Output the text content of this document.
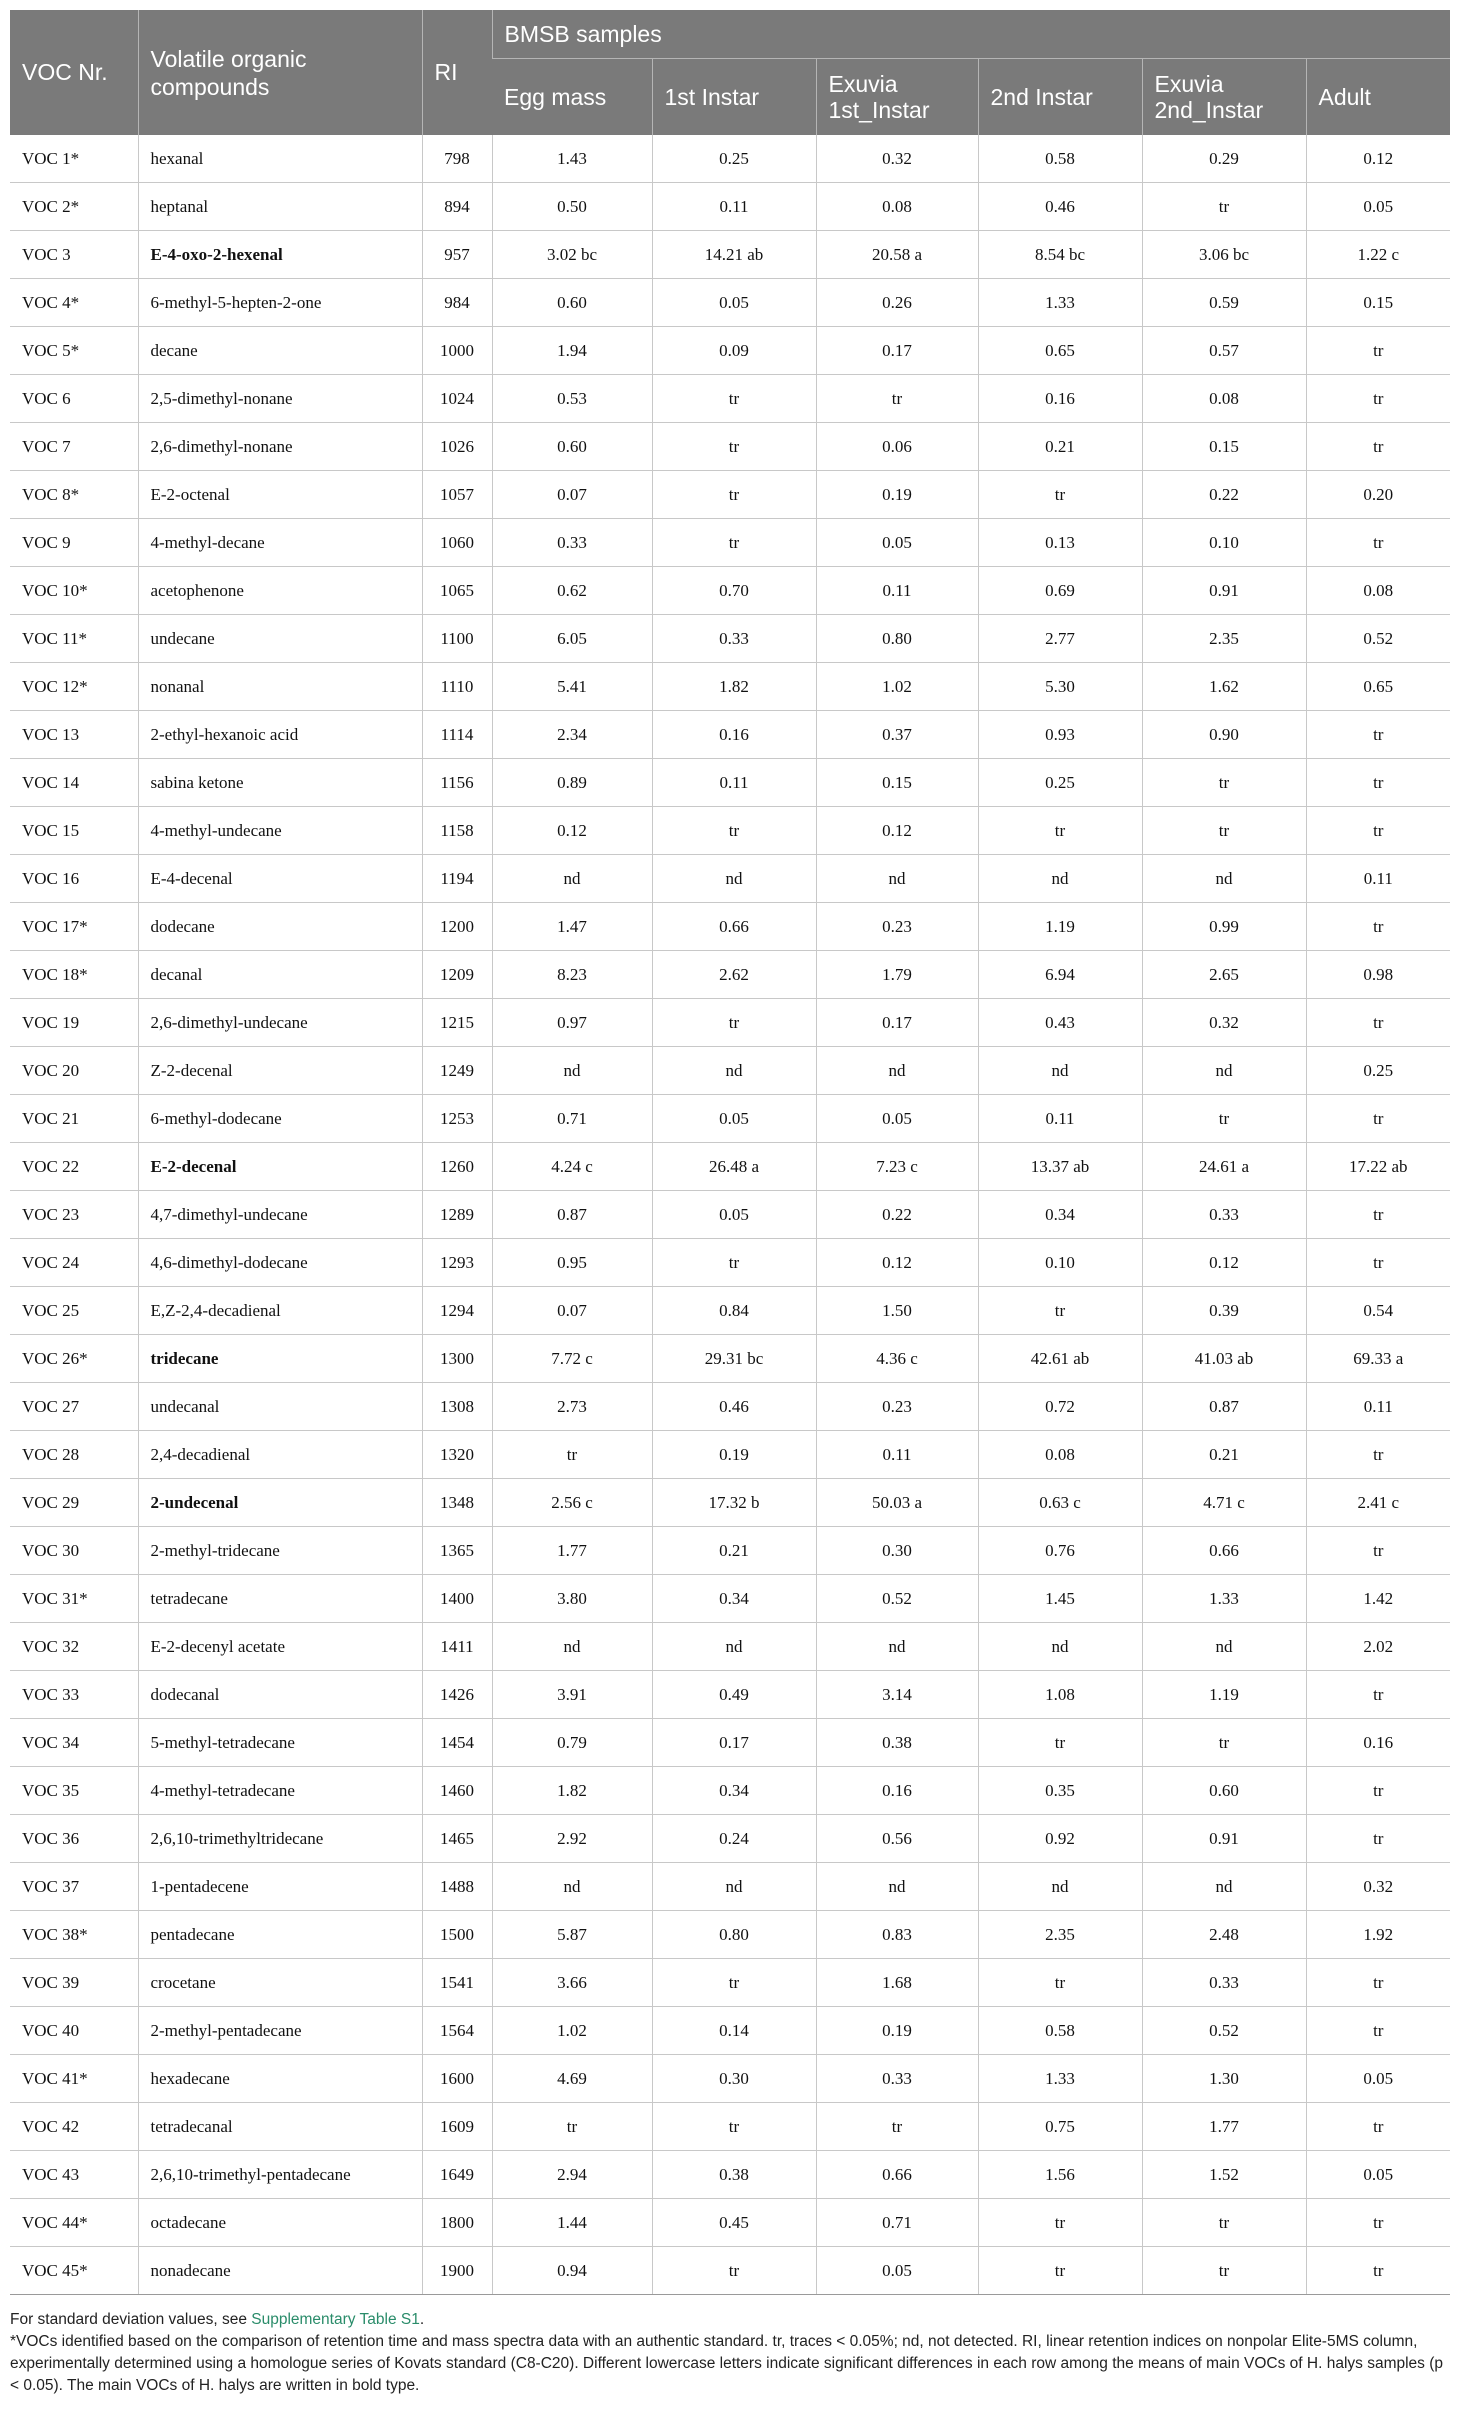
VOC Nr.	Volatile organic compounds	RI	BMSB samples					
			Egg mass	1st Instar	Exuvia 1st_Instar	2nd Instar	Exuvia 2nd_Instar	Adult
VOC 1*	hexanal	798	1.43	0.25	0.32	0.58	0.29	0.12
VOC 2*	heptanal	894	0.50	0.11	0.08	0.46	tr	0.05
VOC 3	E-4-oxo-2-hexenal	957	3.02 bc	14.21 ab	20.58 a	8.54 bc	3.06 bc	1.22 c
VOC 4*	6-methyl-5-hepten-2-one	984	0.60	0.05	0.26	1.33	0.59	0.15
VOC 5*	decane	1000	1.94	0.09	0.17	0.65	0.57	tr
VOC 6	2,5-dimethyl-nonane	1024	0.53	tr	tr	0.16	0.08	tr
VOC 7	2,6-dimethyl-nonane	1026	0.60	tr	0.06	0.21	0.15	tr
VOC 8*	E-2-octenal	1057	0.07	tr	0.19	tr	0.22	0.20
VOC 9	4-methyl-decane	1060	0.33	tr	0.05	0.13	0.10	tr
VOC 10*	acetophenone	1065	0.62	0.70	0.11	0.69	0.91	0.08
VOC 11*	undecane	1100	6.05	0.33	0.80	2.77	2.35	0.52
VOC 12*	nonanal	1110	5.41	1.82	1.02	5.30	1.62	0.65
VOC 13	2-ethyl-hexanoic acid	1114	2.34	0.16	0.37	0.93	0.90	tr
VOC 14	sabina ketone	1156	0.89	0.11	0.15	0.25	tr	tr
VOC 15	4-methyl-undecane	1158	0.12	tr	0.12	tr	tr	tr
VOC 16	E-4-decenal	1194	nd	nd	nd	nd	nd	0.11
VOC 17*	dodecane	1200	1.47	0.66	0.23	1.19	0.99	tr
VOC 18*	decanal	1209	8.23	2.62	1.79	6.94	2.65	0.98
VOC 19	2,6-dimethyl-undecane	1215	0.97	tr	0.17	0.43	0.32	tr
VOC 20	Z-2-decenal	1249	nd	nd	nd	nd	nd	0.25
VOC 21	6-methyl-dodecane	1253	0.71	0.05	0.05	0.11	tr	tr
VOC 22	E-2-decenal	1260	4.24 c	26.48 a	7.23 c	13.37 ab	24.61 a	17.22 ab
VOC 23	4,7-dimethyl-undecane	1289	0.87	0.05	0.22	0.34	0.33	tr
VOC 24	4,6-dimethyl-dodecane	1293	0.95	tr	0.12	0.10	0.12	tr
VOC 25	E,Z-2,4-decadienal	1294	0.07	0.84	1.50	tr	0.39	0.54
VOC 26*	tridecane	1300	7.72 c	29.31 bc	4.36 c	42.61 ab	41.03 ab	69.33 a
VOC 27	undecanal	1308	2.73	0.46	0.23	0.72	0.87	0.11
VOC 28	2,4-decadienal	1320	tr	0.19	0.11	0.08	0.21	tr
VOC 29	2-undecenal	1348	2.56 c	17.32 b	50.03 a	0.63 c	4.71 c	2.41 c
VOC 30	2-methyl-tridecane	1365	1.77	0.21	0.30	0.76	0.66	tr
VOC 31*	tetradecane	1400	3.80	0.34	0.52	1.45	1.33	1.42
VOC 32	E-2-decenyl acetate	1411	nd	nd	nd	nd	nd	2.02
VOC 33	dodecanal	1426	3.91	0.49	3.14	1.08	1.19	tr
VOC 34	5-methyl-tetradecane	1454	0.79	0.17	0.38	tr	tr	0.16
VOC 35	4-methyl-tetradecane	1460	1.82	0.34	0.16	0.35	0.60	tr
VOC 36	2,6,10-trimethyltridecane	1465	2.92	0.24	0.56	0.92	0.91	tr
VOC 37	1-pentadecene	1488	nd	nd	nd	nd	nd	0.32
VOC 38*	pentadecane	1500	5.87	0.80	0.83	2.35	2.48	1.92
VOC 39	crocetane	1541	3.66	tr	1.68	tr	0.33	tr
VOC 40	2-methyl-pentadecane	1564	1.02	0.14	0.19	0.58	0.52	tr
VOC 41*	hexadecane	1600	4.69	0.30	0.33	1.33	1.30	0.05
VOC 42	tetradecanal	1609	tr	tr	tr	0.75	1.77	tr
VOC 43	2,6,10-trimethyl-pentadecane	1649	2.94	0.38	0.66	1.56	1.52	0.05
VOC 44*	octadecane	1800	1.44	0.45	0.71	tr	tr	tr
VOC 45*	nonadecane	1900	0.94	tr	0.05	tr	tr	tr

For standard deviation values, see Supplementary Table S1.

*VOCs identified based on the comparison of retention time and mass spectra data with an authentic standard. tr, traces < 0.05%; nd, not detected. RI, linear retention indices on nonpolar Elite-5MS column, experimentally determined using a homologue series of Kovats standard (C8-C20). Different lowercase letters indicate significant differences in each row among the means of main VOCs of H. halys samples (p < 0.05). The main VOCs of H. halys are written in bold type.
